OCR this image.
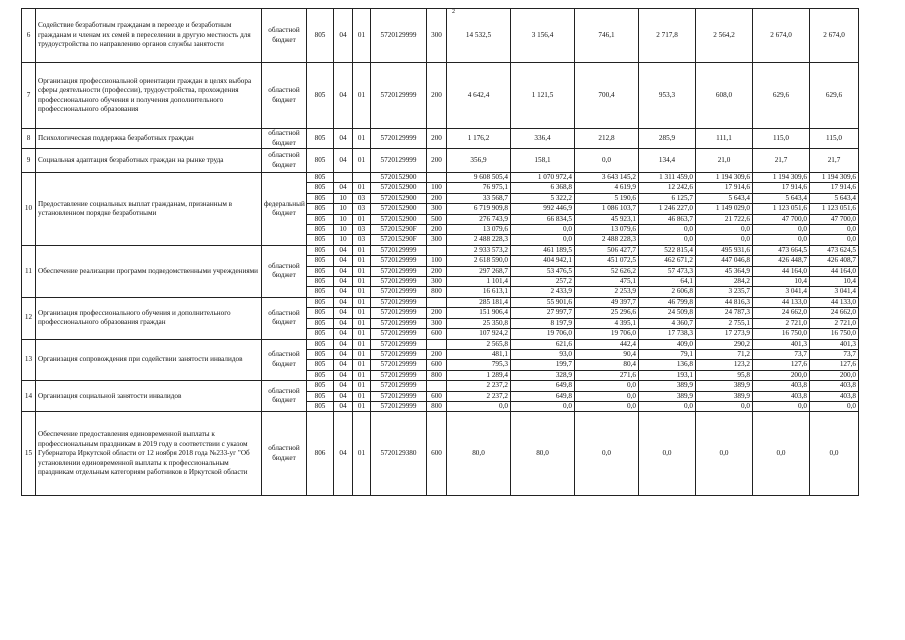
2
6	Содействие безработным гражданам в переезде и безработным гражданам и членам их семей в переселении в другую местность для трудоустройства по направлению органов службы занятости	областной бюджет	805	04	01	5720129999	300	14 532,5	3 156,4	746,1	2 717,8	2 564,2	2 674,0	2 674,0
7	Организация профессиональной ориентации граждан в целях выбора сферы деятельности (профессии), трудоустройства, прохождения профессионального обучения и получения дополнительного профессионального образования	областной бюджет	805	04	01	5720129999	200	4 642,4	1 121,5	700,4	953,3	608,0	629,6	629,6
8	Психологическая поддержка безработных граждан	областной бюджет	805	04	01	5720129999	200	1 176,2	336,4	212,8	285,9	111,1	115,0	115,0
9	Социальная адаптация безработных граждан на рынке труда	областной бюджет	805	04	01	5720129999	200	356,9	158,1	0,0	134,4	21,0	21,7	21,7
10	Предоставление социальных выплат гражданам, признанным в установленном порядке безработными	федеральный бюджет	805			5720152900		9 608 505,4	1 070 972,4	3 643 145,2	1 311 459,0	1 194 309,6	1 194 309,6	1 194 309,6
			805	04	01	5720152900	100	76 975,1	6 368,8	4 619,9	12 242,6	17 914,6	17 914,6	17 914,6
			805	10	03	5720152900	200	33 568,7	5 322,2	5 190,6	6 125,7	5 643,4	5 643,4	5 643,4
			805	10	03	5720152900	300	6 719 909,8	992 446,9	1 086 103,7	1 246 227,0	1 149 029,0	1 123 051,6	1 123 051,6
			805	10	01	5720152900	500	276 743,9	66 834,5	45 923,1	46 863,7	21 722,6	47 700,0	47 700,0
			805	10	03	572015290F	200	13 079,6	0,0	13 079,6	0,0	0,0	0,0	0,0
			805	10	03	572015290F	300	2 488 228,3	0,0	2 488 228,3	0,0	0,0	0,0	0,0
11	Обеспечение реализации программ подведомственными учреждениями	областной бюджет	805	04	01	5720129999		2 933 573,2	461 189,5	506 427,7	522 815,4	495 931,6	473 664,5	473 624,5
			805	04	01	5720129999	100	2 618 590,0	404 942,1	451 072,5	462 671,2	447 046,8	426 448,7	426 408,7
			805	04	01	5720129999	200	297 268,7	53 476,5	52 626,2	57 473,3	45 364,9	44 164,0	44 164,0
			805	04	01	5720129999	300	1 101,4	257,2	475,1	64,1	284,2	10,4	10,4
			805	04	01	5720129999	800	16 613,1	2 433,9	2 253,9	2 606,8	3 235,7	3 041,4	3 041,4
12	Организация профессионального обучения и дополнительного профессионального образования граждан	областной бюджет	805	04	01	5720129999		285 181,4	55 901,6	49 397,7	46 799,8	44 816,3	44 133,0	44 133,0
			805	04	01	5720129999	200	151 906,4	27 997,7	25 296,6	24 509,8	24 787,3	24 662,0	24 662,0
			805	04	01	5720129999	300	25 350,8	8 197,9	4 395,1	4 360,7	2 755,1	2 721,0	2 721,0
			805	04	01	5720129999	600	107 924,2	19 706,0	19 706,0	17 738,3	17 273,9	16 750,0	16 750,0
13	Организация сопровождения при содействии занятости инвалидов	областной бюджет	805	04	01	5720129999		2 565,8	621,6	442,4	409,0	290,2	401,3	401,3
			805	04	01	5720129999	200	481,1	93,0	90,4	79,1	71,2	73,7	73,7
			805	04	01	5720129999	600	795,3	199,7	80,4	136,8	123,2	127,6	127,6
			805	04	01	5720129999	800	1 289,4	328,9	271,6	193,1	95,8	200,0	200,0
14	Организация социальной занятости инвалидов	областной бюджет	805	04	01	5720129999		2 237,2	649,8	0,0	389,9	389,9	403,8	403,8
			805	04	01	5720129999	600	2 237,2	649,8	0,0	389,9	389,9	403,8	403,8
			805	04	01	5720129999	800	0,0	0,0	0,0	0,0	0,0	0,0	0,0
15	Обеспечение предоставления единовременной выплаты к профессиональным праздникам в 2019 году в соответствии с указом Губернатора Иркутской области от 12 ноября 2018 года №233-уг "Об установлении единовременной выплаты к профессиональным праздникам отдельным категориям работников в Иркутской области	областной бюджет	806	04	01	5720129380	600	80,0	80,0	0,0	0,0	0,0	0,0	0,0
